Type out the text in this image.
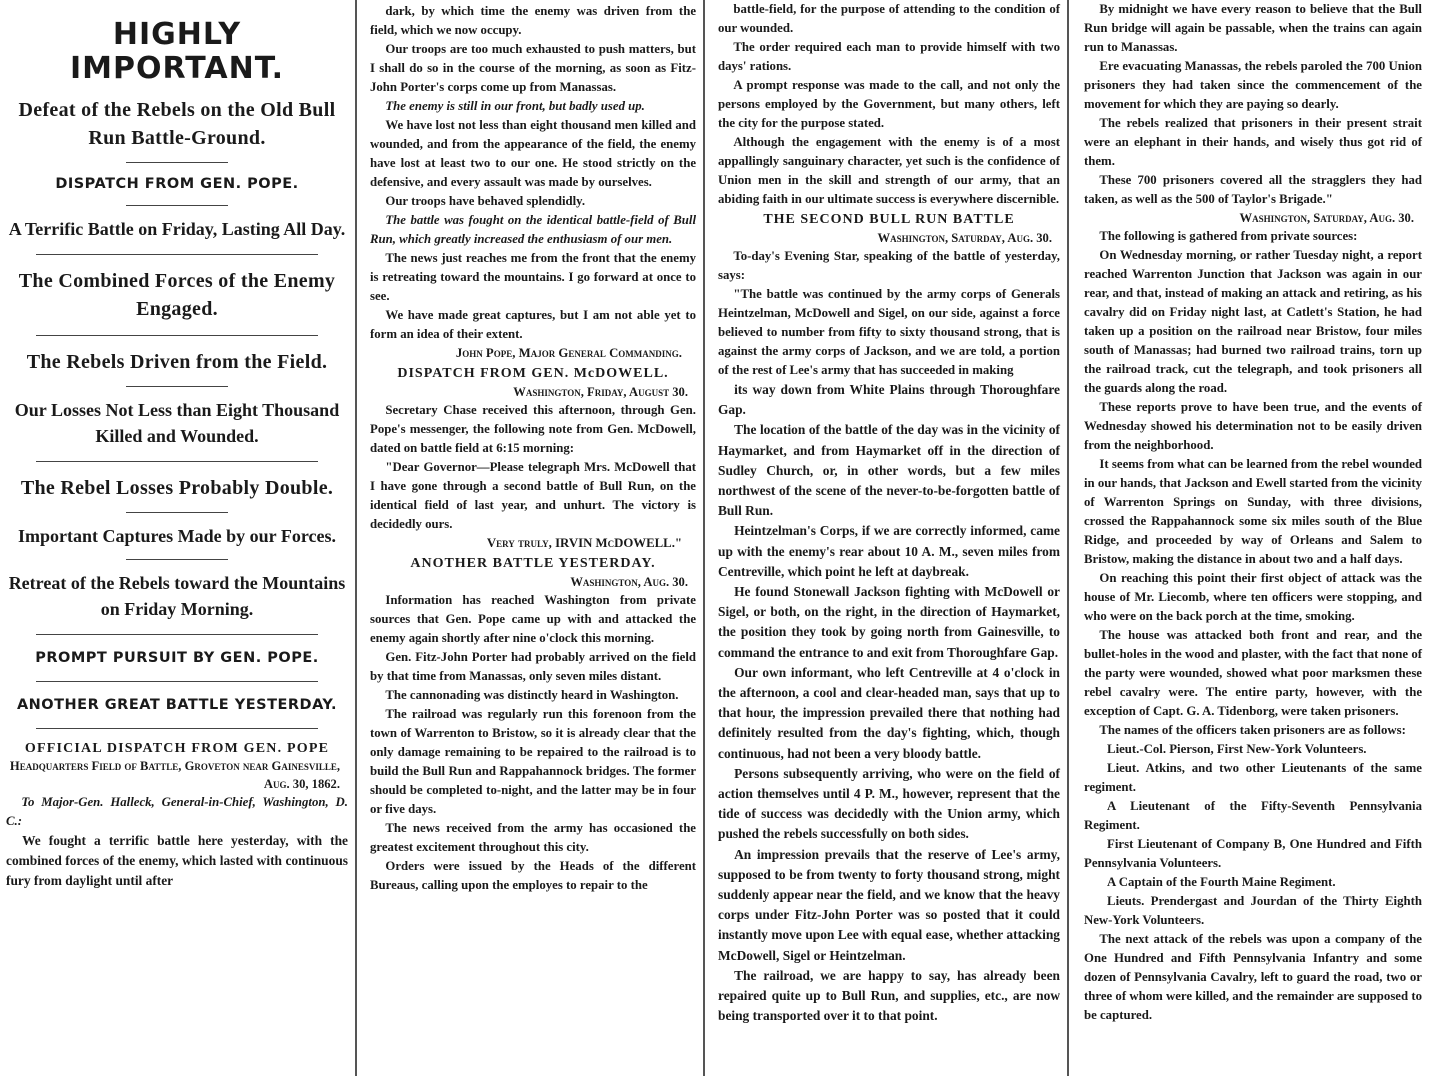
HIGHLY IMPORTANT.
Defeat of the Rebels on the Old Bull Run Battle-Ground.
DISPATCH FROM GEN. POPE.
A Terrific Battle on Friday, Lasting All Day.
The Combined Forces of the Enemy Engaged.
The Rebels Driven from the Field.
Our Losses Not Less than Eight Thousand Killed and Wounded.
The Rebel Losses Probably Double.
Important Captures Made by our Forces.
Retreat of the Rebels toward the Mountains on Friday Morning.
PROMPT PURSUIT BY GEN. POPE.
ANOTHER GREAT BATTLE YESTERDAY.
OFFICIAL DISPATCH FROM GEN. POPE
Headquarters Field of Battle, Groveton near Gainesville, Aug. 30, 1862.

To Major-Gen. Halleck, General-in-Chief, Washington, D. C.:

We fought a terrific battle here yesterday, with the combined forces of the enemy, which lasted with continuous fury from daylight until after

dark, by which time the enemy was driven from the field, which we now occupy.

Our troops are too much exhausted to push matters, but I shall do so in the course of the morning, as soon as Fitz-John Porter's corps come up from Manassas.

The enemy is still in our front, but badly used up.

We have lost not less than eight thousand men killed and wounded, and from the appearance of the field, the enemy have lost at least two to our one. He stood strictly on the defensive, and every assault was made by ourselves.

Our troops have behaved splendidly.

The battle was fought on the identical battle-field of Bull Run, which greatly increased the enthusiasm of our men.

The news just reaches me from the front that the enemy is retreating toward the mountains. I go forward at once to see.

We have made great captures, but I am not able yet to form an idea of their extent.

John Pope, Major General Commanding.

DISPATCH FROM GEN. McDOWELL.
Washington, Friday, August 30.

Secretary Chase received this afternoon, through Gen. Pope's messenger, the following note from Gen. McDowell, dated on battle field at 6:15 morning:

"Dear Governor—Please telegraph Mrs. McDowell that I have gone through a second battle of Bull Run, on the identical field of last year, and unhurt. The victory is decidedly ours.

Very truly, IRVIN McDOWELL."

ANOTHER BATTLE YESTERDAY.
Washington, Aug. 30.

Information has reached Washington from private sources that Gen. Pope came up with and attacked the enemy again shortly after nine o'clock this morning.

Gen. Fitz-John Porter had probably arrived on the field by that time from Manassas, only seven miles distant.

The cannonading was distinctly heard in Washington.

The railroad was regularly run this forenoon from the town of Warrenton to Bristow, so it is already clear that the only damage remaining to be repaired to the railroad is to build the Bull Run and Rappahannock bridges. The former should be completed to-night, and the latter may be in four or five days.

The news received from the army has occasioned the greatest excitement throughout this city.

Orders were issued by the Heads of the different Bureaus, calling upon the employes to repair to the

battle-field, for the purpose of attending to the condition of our wounded.

The order required each man to provide himself with two days' rations.

A prompt response was made to the call, and not only the persons employed by the Government, but many others, left the city for the purpose stated.

Although the engagement with the enemy is of a most appallingly sanguinary character, yet such is the confidence of Union men in the skill and strength of our army, that an abiding faith in our ultimate success is everywhere discernible.

THE SECOND BULL RUN BATTLE
Washington, Saturday, Aug. 30.

To-day's Evening Star, speaking of the battle of yesterday, says:

"The battle was continued by the army corps of Generals Heintzelman, McDowell and Sigel, on our side, against a force believed to number from fifty to sixty thousand strong, that is against the army corps of Jackson, and we are told, a portion of the rest of Lee's army that has succeeded in making

its way down from White Plains through Thoroughfare Gap.

The location of the battle of the day was in the vicinity of Haymarket, and from Haymarket off in the direction of Sudley Church, or, in other words, but a few miles northwest of the scene of the never-to-be-forgotten battle of Bull Run.

Heintzelman's Corps, if we are correctly informed, came up with the enemy's rear about 10 A. M., seven miles from Centreville, which point he left at daybreak.

He found Stonewall Jackson fighting with McDowell or Sigel, or both, on the right, in the direction of Haymarket, the position they took by going north from Gainesville, to command the entrance to and exit from Thoroughfare Gap.

Our own informant, who left Centreville at 4 o'clock in the afternoon, a cool and clear-headed man, says that up to that hour, the impression prevailed there that nothing had definitely resulted from the day's fighting, which, though continuous, had not been a very bloody battle.

Persons subsequently arriving, who were on the field of action themselves until 4 P. M., however, represent that the tide of success was decidedly with the Union army, which pushed the rebels successfully on both sides.

An impression prevails that the reserve of Lee's army, supposed to be from twenty to forty thousand strong, might suddenly appear near the field, and we know that the heavy corps under Fitz-John Porter was so posted that it could instantly move upon Lee with equal ease, whether attacking McDowell, Sigel or Heintzelman.

The railroad, we are happy to say, has already been repaired quite up to Bull Run, and supplies, etc., are now being transported over it to that point.

By midnight we have every reason to believe that the Bull Run bridge will again be passable, when the trains can again run to Manassas.

Ere evacuating Manassas, the rebels paroled the 700 Union prisoners they had taken since the commencement of the movement for which they are paying so dearly.

The rebels realized that prisoners in their present strait were an elephant in their hands, and wisely thus got rid of them.

These 700 prisoners covered all the stragglers they had taken, as well as the 500 of Taylor's Brigade."

Washington, Saturday, Aug. 30.

The following is gathered from private sources:

On Wednesday morning, or rather Tuesday night, a report reached Warrenton Junction that Jackson was again in our rear, and that, instead of making an attack and retiring, as his cavalry did on Friday night last, at Catlett's Station, he had taken up a position on the railroad near Bristow, four miles south of Manassas; had burned two railroad trains, torn up the railroad track, cut the telegraph, and took prisoners all the guards along the road.

These reports prove to have been true, and the events of Wednesday showed his determination not to be easily driven from the neighborhood.

It seems from what can be learned from the rebel wounded in our hands, that Jackson and Ewell started from the vicinity of Warrenton Springs on Sunday, with three divisions, crossed the Rappahannock some six miles south of the Blue Ridge, and proceeded by way of Orleans and Salem to Bristow, making the distance in about two and a half days.

On reaching this point their first object of attack was the house of Mr. Liecomb, where ten officers were stopping, and who were on the back porch at the time, smoking.

The house was attacked both front and rear, and the bullet-holes in the wood and plaster, with the fact that none of the party were wounded, showed what poor marksmen these rebel cavalry were. The entire party, however, with the exception of Capt. G. A. Tidenborg, were taken prisoners.

The names of the officers taken prisoners are as follows:

Lieut.-Col. Pierson, First New-York Volunteers.

Lieut. Atkins, and two other Lieutenants of the same regiment.

A Lieutenant of the Fifty-Seventh Pennsylvania Regiment.

First Lieutenant of Company B, One Hundred and Fifth Pennsylvania Volunteers.

A Captain of the Fourth Maine Regiment.

Lieuts. Prendergast and Jourdan of the Thirty Eighth New-York Volunteers.

The next attack of the rebels was upon a company of the One Hundred and Fifth Pennsylvania Infantry and some dozen of Pennsylvania Cavalry, left to guard the road, two or three of whom were killed, and the remainder are supposed to be captured.
